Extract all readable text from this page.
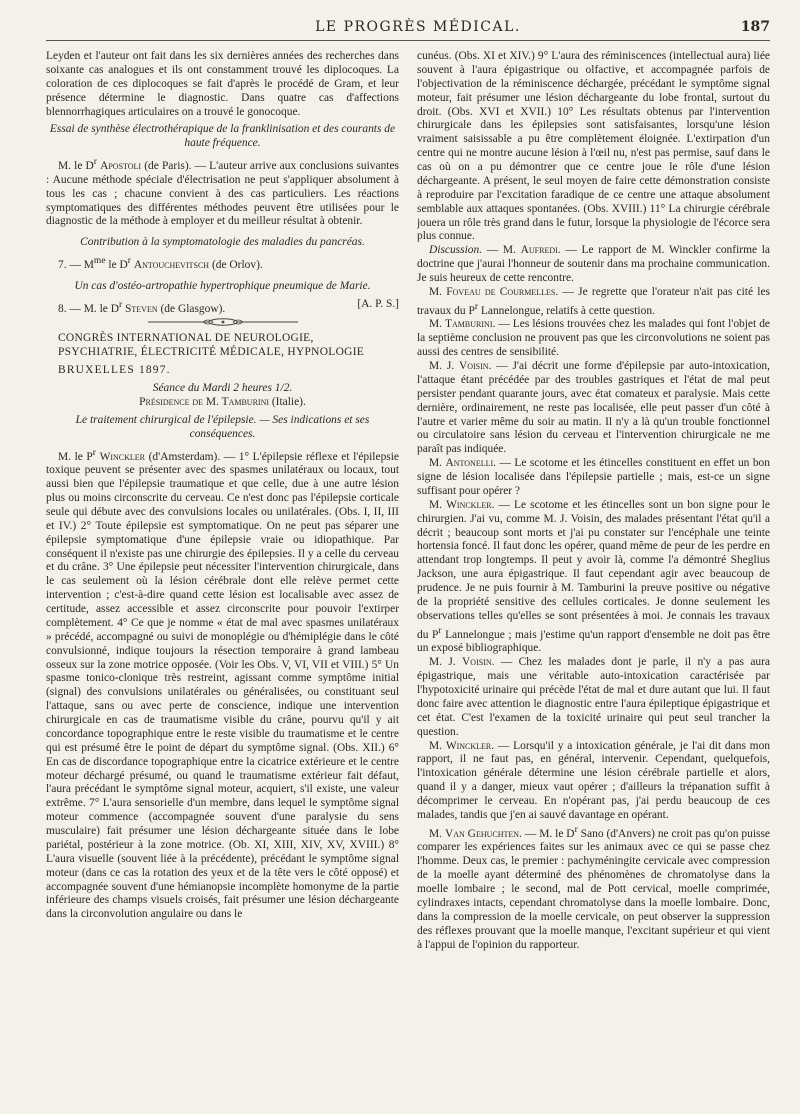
LE PROGRÈS MÉDICAL.	187

Leyden et l'auteur ont fait dans les six dernières années des recherches dans soixante cas analogues et ils ont constamment trouvé les diplocoques. La coloration de ces diplocoques se fait d'après le procédé de Gram, et leur présence détermine le diagnostic. Dans quatre cas d'affections blennorrhagiques articulaires on a trouvé le gonocoque.

Essai de synthèse électrothérapique de la franklinisation et des courants de haute fréquence.

M. le $D^r$ Apostoli (de Paris). — L'auteur arrive aux conclusions suivantes : Aucune méthode spéciale d'électrisation ne peut s'appliquer absolument à tous les cas ; chacune convient à des cas particuliers. Les réactions symptomatiques des différentes méthodes peuvent être utilisées pour le diagnostic de la méthode à employer et du meilleur résultat à obtenir.

Contribution à la symptomatologie des maladies du pancréas.

7. — $M^{me}$ le $D^r$ Antouchevitsch (de Orlov).

Un cas d'ostéo-artropathie hypertrophique pneumique de Marie.

8. — M. le $D^r$ Steven (de Glasgow).	[A. P. S.]

CONGRÈS INTERNATIONAL DE NEUROLOGIE,

PSYCHIATRIE, ÉLECTRICITÉ MÉDICALE, HYPNOLOGIE

BRUXELLES 1897.

Séance du Mardi 2 heures 1/2.

Présidence de M. Tamburini (Italie).

Le traitement chirurgical de l'épilepsie. — Ses indications et ses conséquences.

M. le $P^r$ Winckler (d'Amsterdam). — 1° L'épilepsie réflexe et l'épilepsie toxique peuvent se présenter avec des spasmes unilatéraux ou locaux, tout aussi bien que l'épilepsie traumatique et que celle, due à une autre lésion plus ou moins circonscrite du cerveau. Ce n'est donc pas l'épilepsie corticale seule qui débute avec des convulsions locales ou unilatérales. (Obs. I, II, III et IV.) 2° Toute épilepsie est symptomatique. On ne peut pas séparer une épilepsie symptomatique d'une épilepsie vraie ou idiopathique. Par conséquent il n'existe pas une chirurgie des épilepsies. Il y a celle du cerveau et du crâne. 3° Une épilepsie peut nécessiter l'intervention chirurgicale, dans le cas seulement où la lésion cérébrale dont elle relève permet cette intervention ; c'est-à-dire quand cette lésion est localisable avec assez de certitude, assez accessible et assez circonscrite pour pouvoir l'extirper complètement. 4° Ce que je nomme « état de mal avec spasmes unilatéraux » précédé, accompagné ou suivi de monoplégie ou d'hémiplégie dans le côté convulsionné, indique toujours la résection temporaire à grand lambeau osseux sur la zone motrice opposée. (Voir les Obs. V, VI, VII et VIII.) 5° Un spasme tonico-clonique très restreint, agissant comme symptôme initial (signal) des convulsions unilatérales ou généralisées, ou constituant seul l'attaque, sans ou avec perte de conscience, indique une intervention chirurgicale en cas de traumatisme visible du crâne, pourvu qu'il y ait concordance topographique entre le reste visible du traumatisme et le centre qui est présumé être le point de départ du symptôme signal. (Obs. XII.) 6° En cas de discordance topographique entre la cicatrice extérieure et le centre moteur déchargé présumé, ou quand le traumatisme extérieur fait défaut, l'aura précédant le symptôme signal moteur, acquiert, s'il existe, une valeur extrême. 7° L'aura sensorielle d'un membre, dans lequel le symptôme signal moteur commence (accompagnée souvent d'une paralysie du sens musculaire) fait présumer une lésion déchargeante située dans le lobe pariétal, postérieur à la zone motrice. (Ob. XI, XIII, XIV, XV, XVIII.) 8° L'aura visuelle (souvent liée à la précédente), précédant le symptôme signal moteur (dans ce cas la rotation des yeux et de la tête vers le côté opposé) et accompagnée souvent d'une hémianopsie incomplète homonyme de la partie inférieure des champs visuels croisés, fait présumer une lésion déchargeante dans la circonvolution angulaire ou dans le

cunéus. (Obs. XI et XIV.) 9° L'aura des réminiscences (intellectual aura) liée souvent à l'aura épigastrique ou olfactive, et accompagnée parfois de l'objectivation de la réminiscence déchargée, précédant le symptôme signal moteur, fait présumer une lésion déchargeante du lobe frontal, surtout du droit. (Obs. XVI et XVII.) 10° Les résultats obtenus par l'intervention chirurgicale dans les épilepsies sont satisfaisantes, lorsqu'une lésion vraiment saisissable a pu être complètement éloignée. L'extirpation d'un centre qui ne montre aucune lésion à l'œil nu, n'est pas permise, sauf dans le cas où on a pu démontrer que ce centre joue le rôle d'une lésion déchargeante. A présent, le seul moyen de faire cette démonstration consiste à reproduire par l'excitation faradique de ce centre une attaque absolument semblable aux attaques spontanées. (Obs. XVIII.) 11° La chirurgie cérébrale jouera un rôle très grand dans le futur, lorsque la physiologie de l'écorce sera plus connue.

Discussion. — M. Aufredi. — Le rapport de M. Winckler confirme la doctrine que j'aurai l'honneur de soutenir dans ma prochaine communication. Je suis heureux de cette rencontre.

M. Foveau de Courmelles. — Je regrette que l'orateur n'ait pas cité les travaux du $P^r$ Lannelongue, relatifs à cette question.

M. Tamburini. — Les lésions trouvées chez les malades qui font l'objet de la septième conclusion ne prouvent pas que les circonvolutions ne soient pas aussi des centres de sensibilité.

M. J. Voisin. — J'ai décrit une forme d'épilepsie par auto-intoxication, l'attaque étant précédée par des troubles gastriques et l'état de mal peut persister pendant quarante jours, avec état comateux et paralysie. Mais cette dernière, ordinairement, ne reste pas localisée, elle peut passer d'un côté à l'autre et varier même du soir au matin. Il n'y a là qu'un trouble fonctionnel ou circulatoire sans lésion du cerveau et l'intervention chirurgicale ne me paraît pas indiquée.

M. Antonelli. — Le scotome et les étincelles constituent en effet un bon signe de lésion localisée dans l'épilepsie partielle ; mais, est-ce un signe suffisant pour opérer ?

M. Winckler. — Le scotome et les étincelles sont un bon signe pour le chirurgien. J'ai vu, comme M. J. Voisin, des malades présentant l'état qu'il a décrit ; beaucoup sont morts et j'ai pu constater sur l'encéphale une teinte hortensia foncé. Il faut donc les opérer, quand même de peur de les perdre en attendant trop longtemps. Il peut y avoir là, comme l'a démontré Sheglius Jackson, une aura épigastrique. Il faut cependant agir avec beaucoup de prudence. Je ne puis fournir à M. Tamburini la preuve positive ou négative de la propriété sensitive des cellules corticales. Je donne seulement les observations telles qu'elles se sont présentées à moi. Je connais les travaux du $P^r$ Lannelongue ; mais j'estime qu'un rapport d'ensemble ne doit pas être un exposé bibliographique.

M. J. Voisin. — Chez les malades dont je parle, il n'y a pas aura épigastrique, mais une véritable auto-intoxication caractérisée par l'hypotoxicité urinaire qui précède l'état de mal et dure autant que lui. Il faut donc faire avec attention le diagnostic entre l'aura épileptique épigastrique et cet état. C'est l'examen de la toxicité urinaire qui peut seul trancher la question.

M. Winckler. — Lorsqu'il y a intoxication générale, je l'ai dit dans mon rapport, il ne faut pas, en général, intervenir. Cependant, quelquefois, l'intoxication générale détermine une lésion cérébrale partielle et alors, quand il y a danger, mieux vaut opérer ; d'ailleurs la trépanation suffit à décomprimer le cerveau. En n'opérant pas, j'ai perdu beaucoup de ces malades, tandis que j'en ai sauvé davantage en opérant.

M. Van Gehuchten. — M. le $D^r$ Sano (d'Anvers) ne croit pas qu'on puisse comparer les expériences faites sur les animaux avec ce qui se passe chez l'homme. Deux cas, le premier : pachyméningite cervicale avec compression de la moelle ayant déterminé des phénomènes de chromatolyse dans la moelle lombaire ; le second, mal de Pott cervical, moelle comprimée, cylindraxes intacts, cependant chromatolyse dans la moelle lombaire. Donc, dans la compression de la moelle cervicale, on peut observer la suppression des réflexes prouvant que la moelle manque, l'excitant supérieur et qui vient à l'appui de l'opinion du rapporteur.
